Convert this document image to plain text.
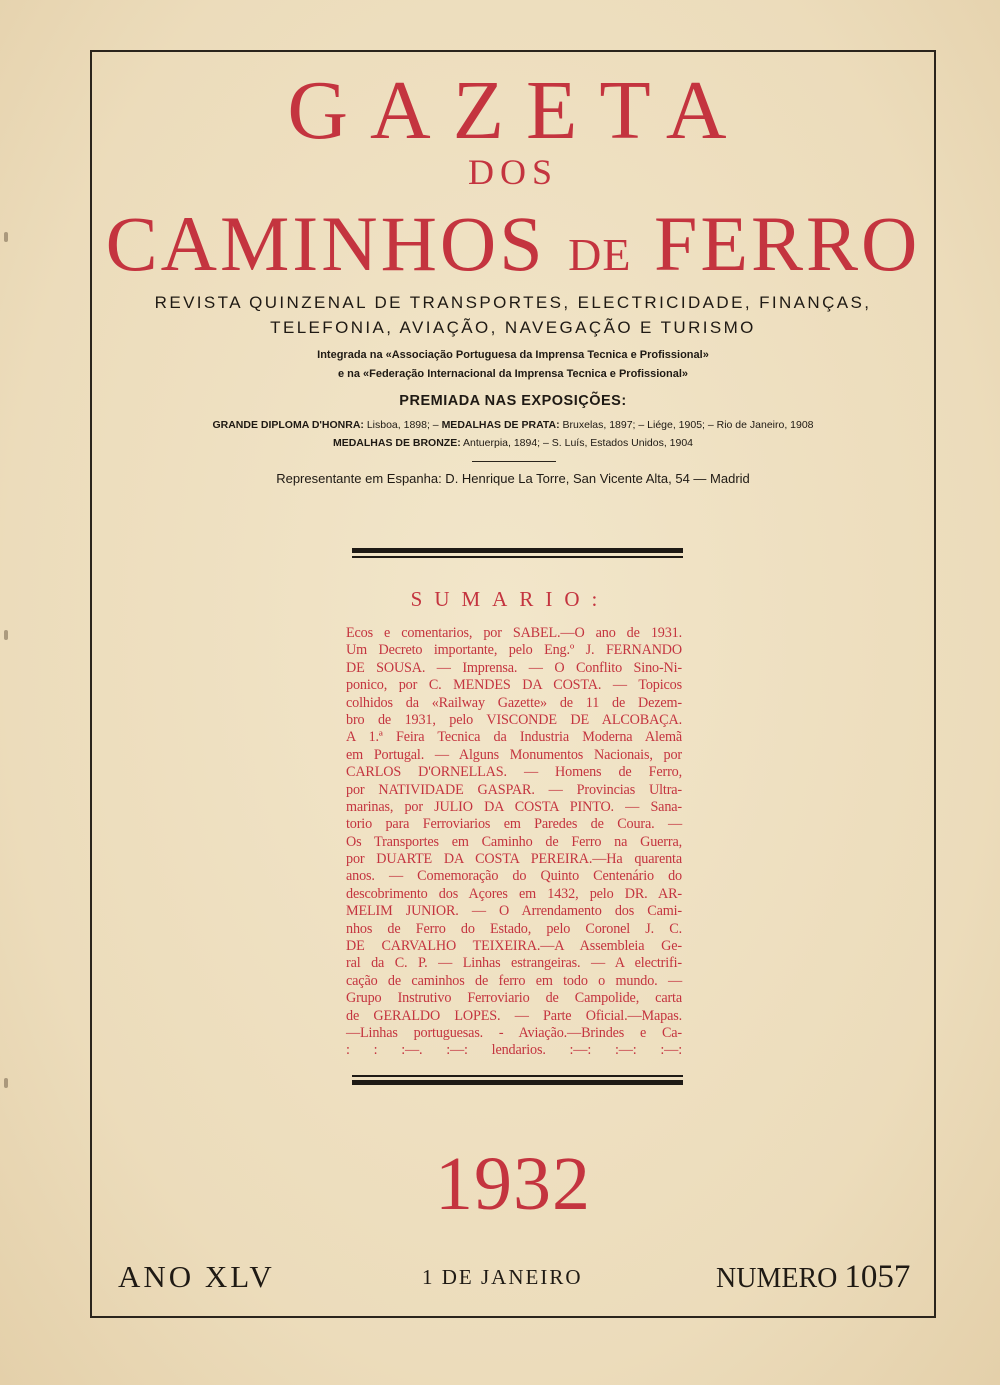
GAZETA
DOS
CAMINHOS DE FERRO
REVISTA QUINZENAL DE TRANSPORTES, ELECTRICIDADE, FINANÇAS,
TELEFONIA, AVIAÇÃO, NAVEGAÇÃO E TURISMO
Integrada na «Associação Portuguesa da Imprensa Tecnica e Profissional»
e na «Federação Internacional da Imprensa Tecnica e Profissional»
PREMIADA NAS EXPOSIÇÕES:
GRANDE DIPLOMA D'HONRA: Lisboa, 1898; – MEDALHAS DE PRATA: Bruxelas, 1897; – Liége, 1905; – Rio de Janeiro, 1908
MEDALHAS DE BRONZE: Antuerpia, 1894; – S. Luís, Estados Unidos, 1904
Representante em Espanha: D. Henrique La Torre, San Vicente Alta, 54 — Madrid
SUMARIO:
Ecos e comentarios, por SABEL.—O ano de 1931.
Um Decreto importante, pelo Eng.º J. FERNANDO
DE SOUSA. — Imprensa. — O Conflito Sino-Ni-
ponico, por C. MENDES DA COSTA. — Topicos
colhidos da «Railway Gazette» de 11 de Dezem-
bro de 1931, pelo VISCONDE DE ALCOBAÇA.
A 1.ª Feira Tecnica da Industria Moderna Alemã
em Portugal. — Alguns Monumentos Nacionais, por
CARLOS D'ORNELLAS. — Homens de Ferro,
por NATIVIDADE GASPAR. — Provincias Ultra-
marinas, por JULIO DA COSTA PINTO. — Sana-
torio para Ferroviarios em Paredes de Coura. —
Os Transportes em Caminho de Ferro na Guerra,
por DUARTE DA COSTA PEREIRA.—Ha quarenta
anos. — Comemoração do Quinto Centenário do
descobrimento dos Açores em 1432, pelo DR. AR-
MELIM JUNIOR. — O Arrendamento dos Cami-
nhos de Ferro do Estado, pelo Coronel J. C.
DE CARVALHO TEIXEIRA.—A Assembleia Ge-
ral da C. P. — Linhas estrangeiras. — A electrifi-
cação de caminhos de ferro em todo o mundo. —
Grupo Instrutivo Ferroviario de Campolide, carta
de GERALDO LOPES. — Parte Oficial.—Mapas.
—Linhas portuguesas. - Aviação.—Brindes e Ca-
: : :—. :—: lendarios. :—: :—: :—:
1932
ANO XLV	1 DE JANEIRO	NUMERO 1057
